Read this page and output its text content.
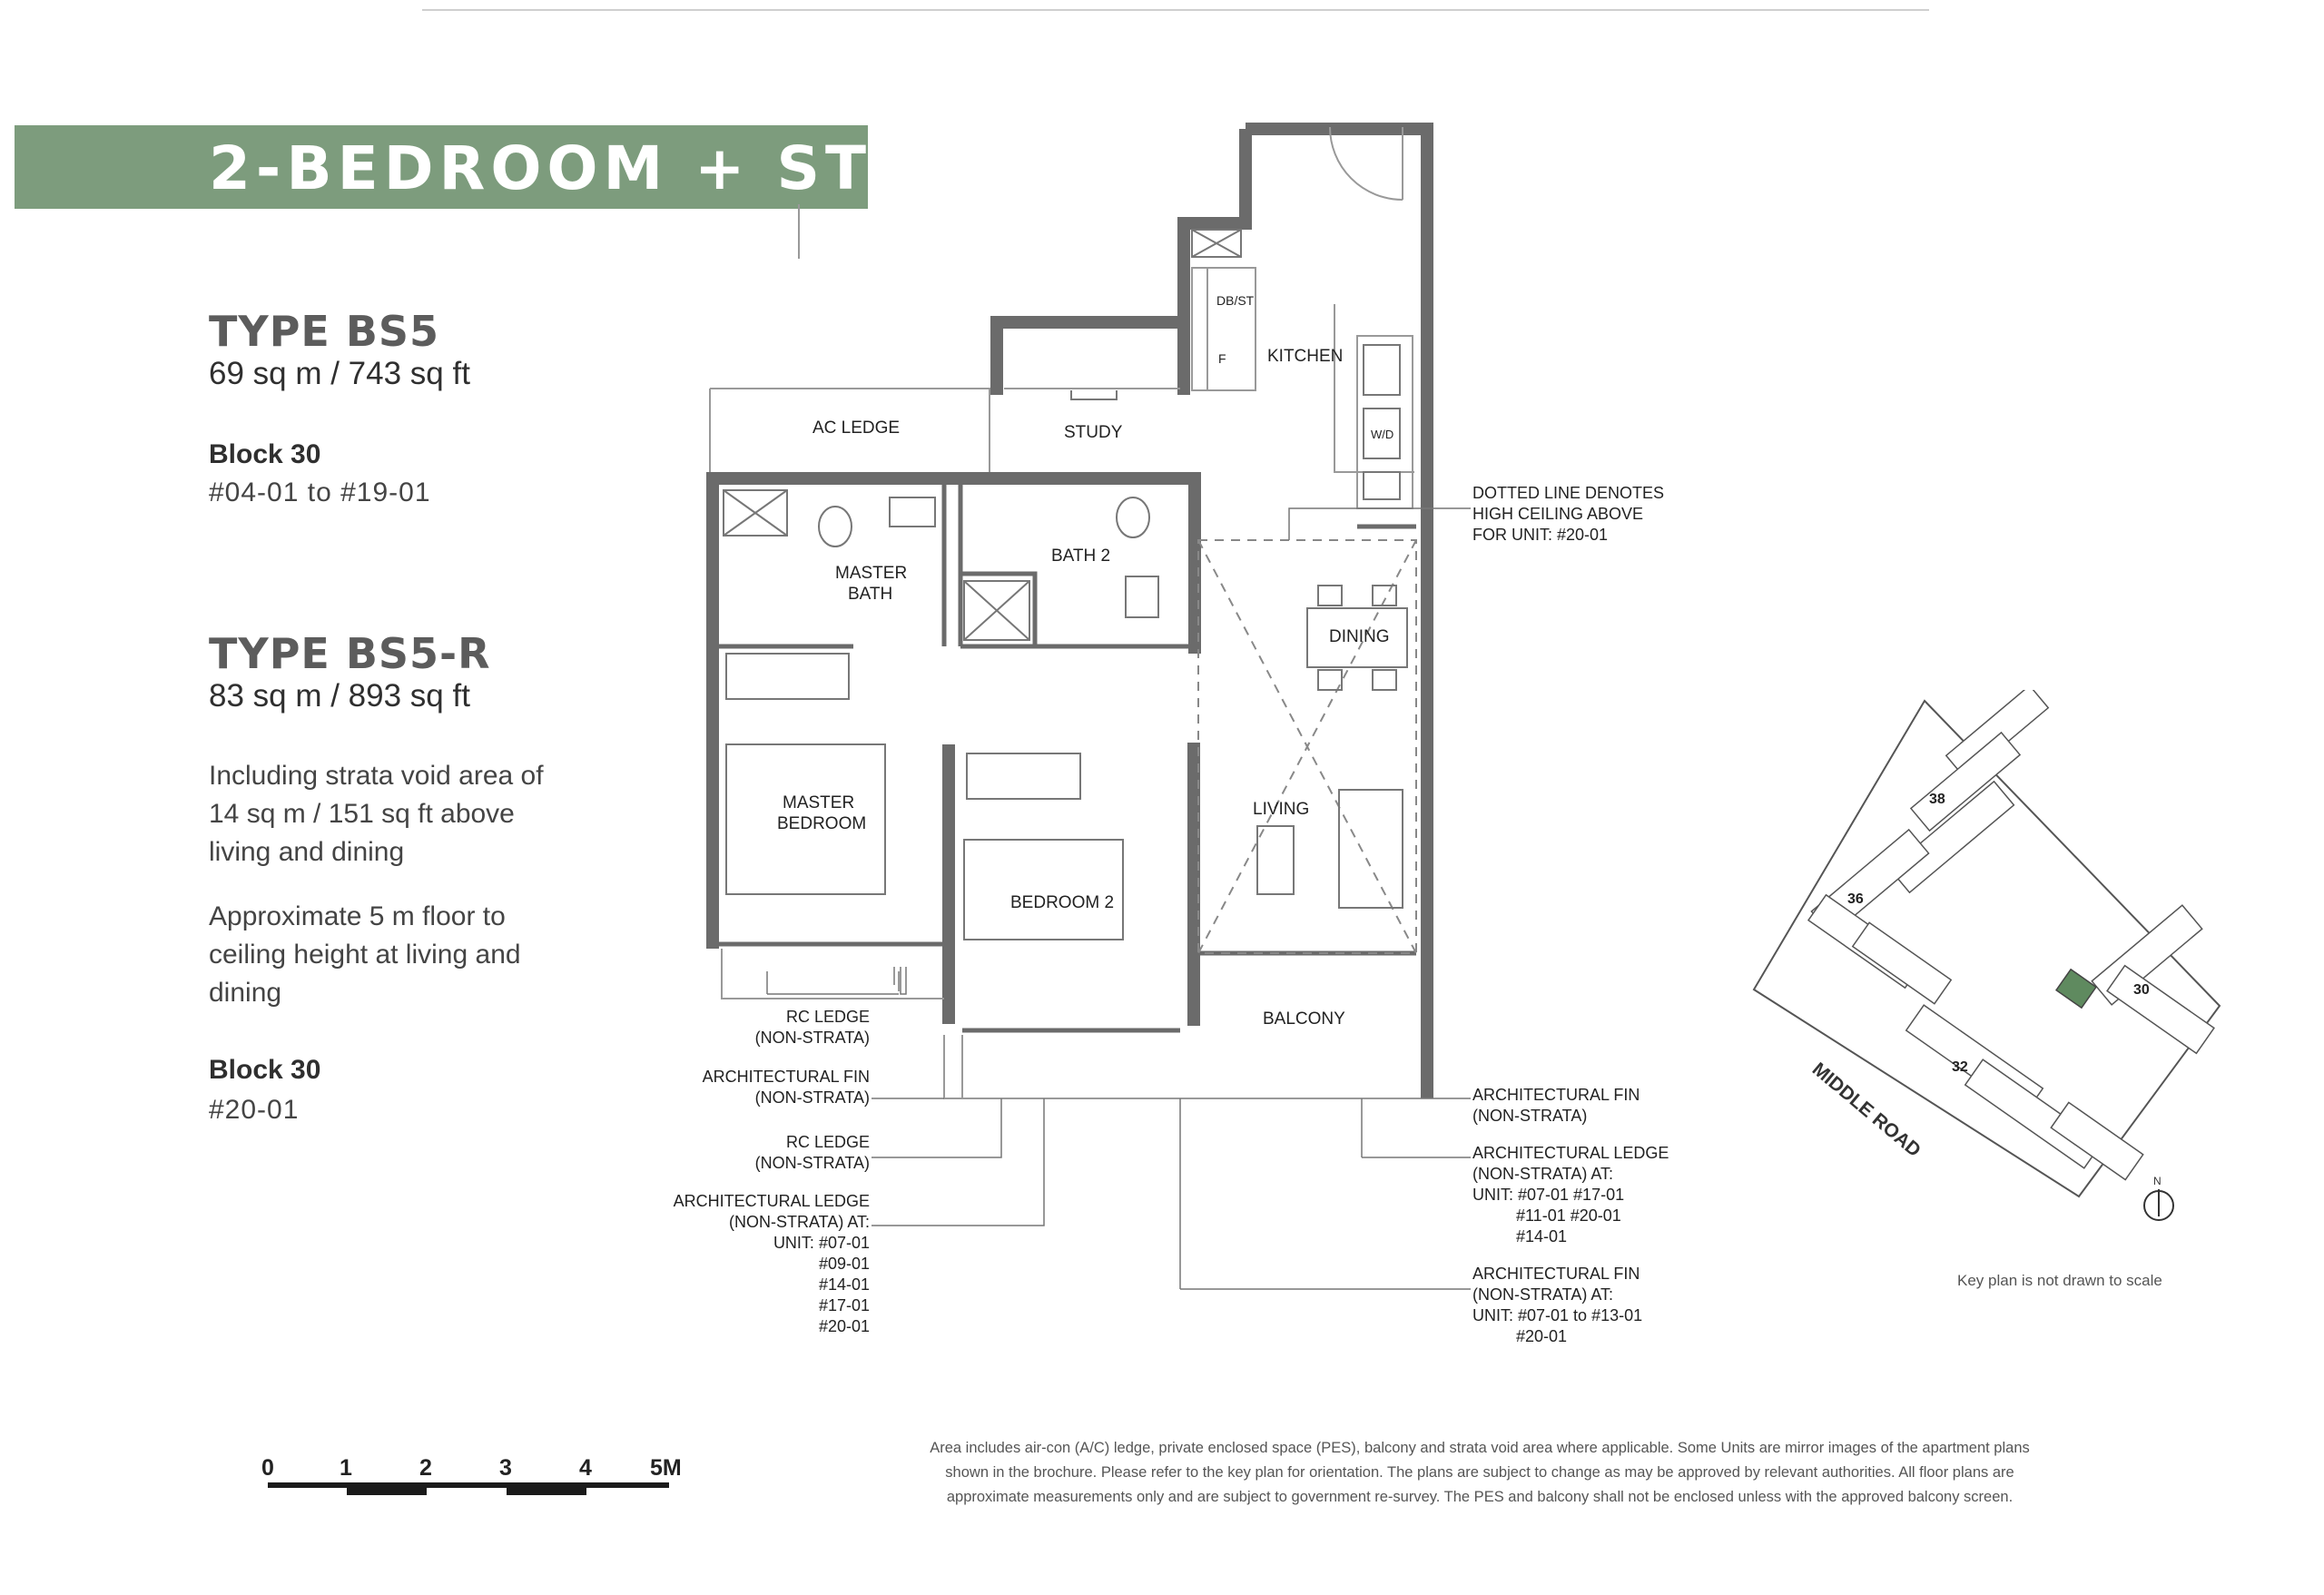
2-BEDROOM + STUDY
TYPE BS5
69 sq m / 743 sq ft
Block 30
#04-01 to #19-01
TYPE BS5-R
83 sq m / 893 sq ft
Including strata void area of 14 sq m / 151 sq ft above living and dining
Approximate 5 m floor to ceiling height at living and dining
Block 30
#20-01
KITCHEN
AC LEDGE	STUDY
MASTER
BATH
BATH 2
DINING
MASTER
BEDROOM
LIVING
BEDROOM 2
BALCONY
DB/ST
F
W/D
DOTTED LINE DENOTES
HIGH CEILING ABOVE
FOR UNIT: #20-01
RC LEDGE
(NON-STRATA)
ARCHITECTURAL FIN
(NON-STRATA)
RC LEDGE
(NON-STRATA)
ARCHITECTURAL LEDGE
(NON-STRATA) AT:
UNIT: #07-01
#09-01
#14-01
#17-01
#20-01
ARCHITECTURAL FIN
(NON-STRATA)
ARCHITECTURAL LEDGE
(NON-STRATA) AT:
UNIT: #07-01 #17-01
#11-01 #20-01
#14-01
ARCHITECTURAL FIN
(NON-STRATA) AT:
UNIT: #07-01 to #13-01
#20-01
38
36
32
30
MIDDLE ROAD
N
Key plan is not drawn to scale
0	1	2	3	4	5M
Area includes air-con (A/C) ledge, private enclosed space (PES), balcony and strata void area where applicable. Some Units are mirror images of the apartment plans
shown in the brochure. Please refer to the key plan for orientation. The plans are subject to change as may be approved by relevant authorities. All floor plans are
approximate measurements only and are subject to government re-survey. The PES and balcony shall not be enclosed unless with the approved balcony screen.
